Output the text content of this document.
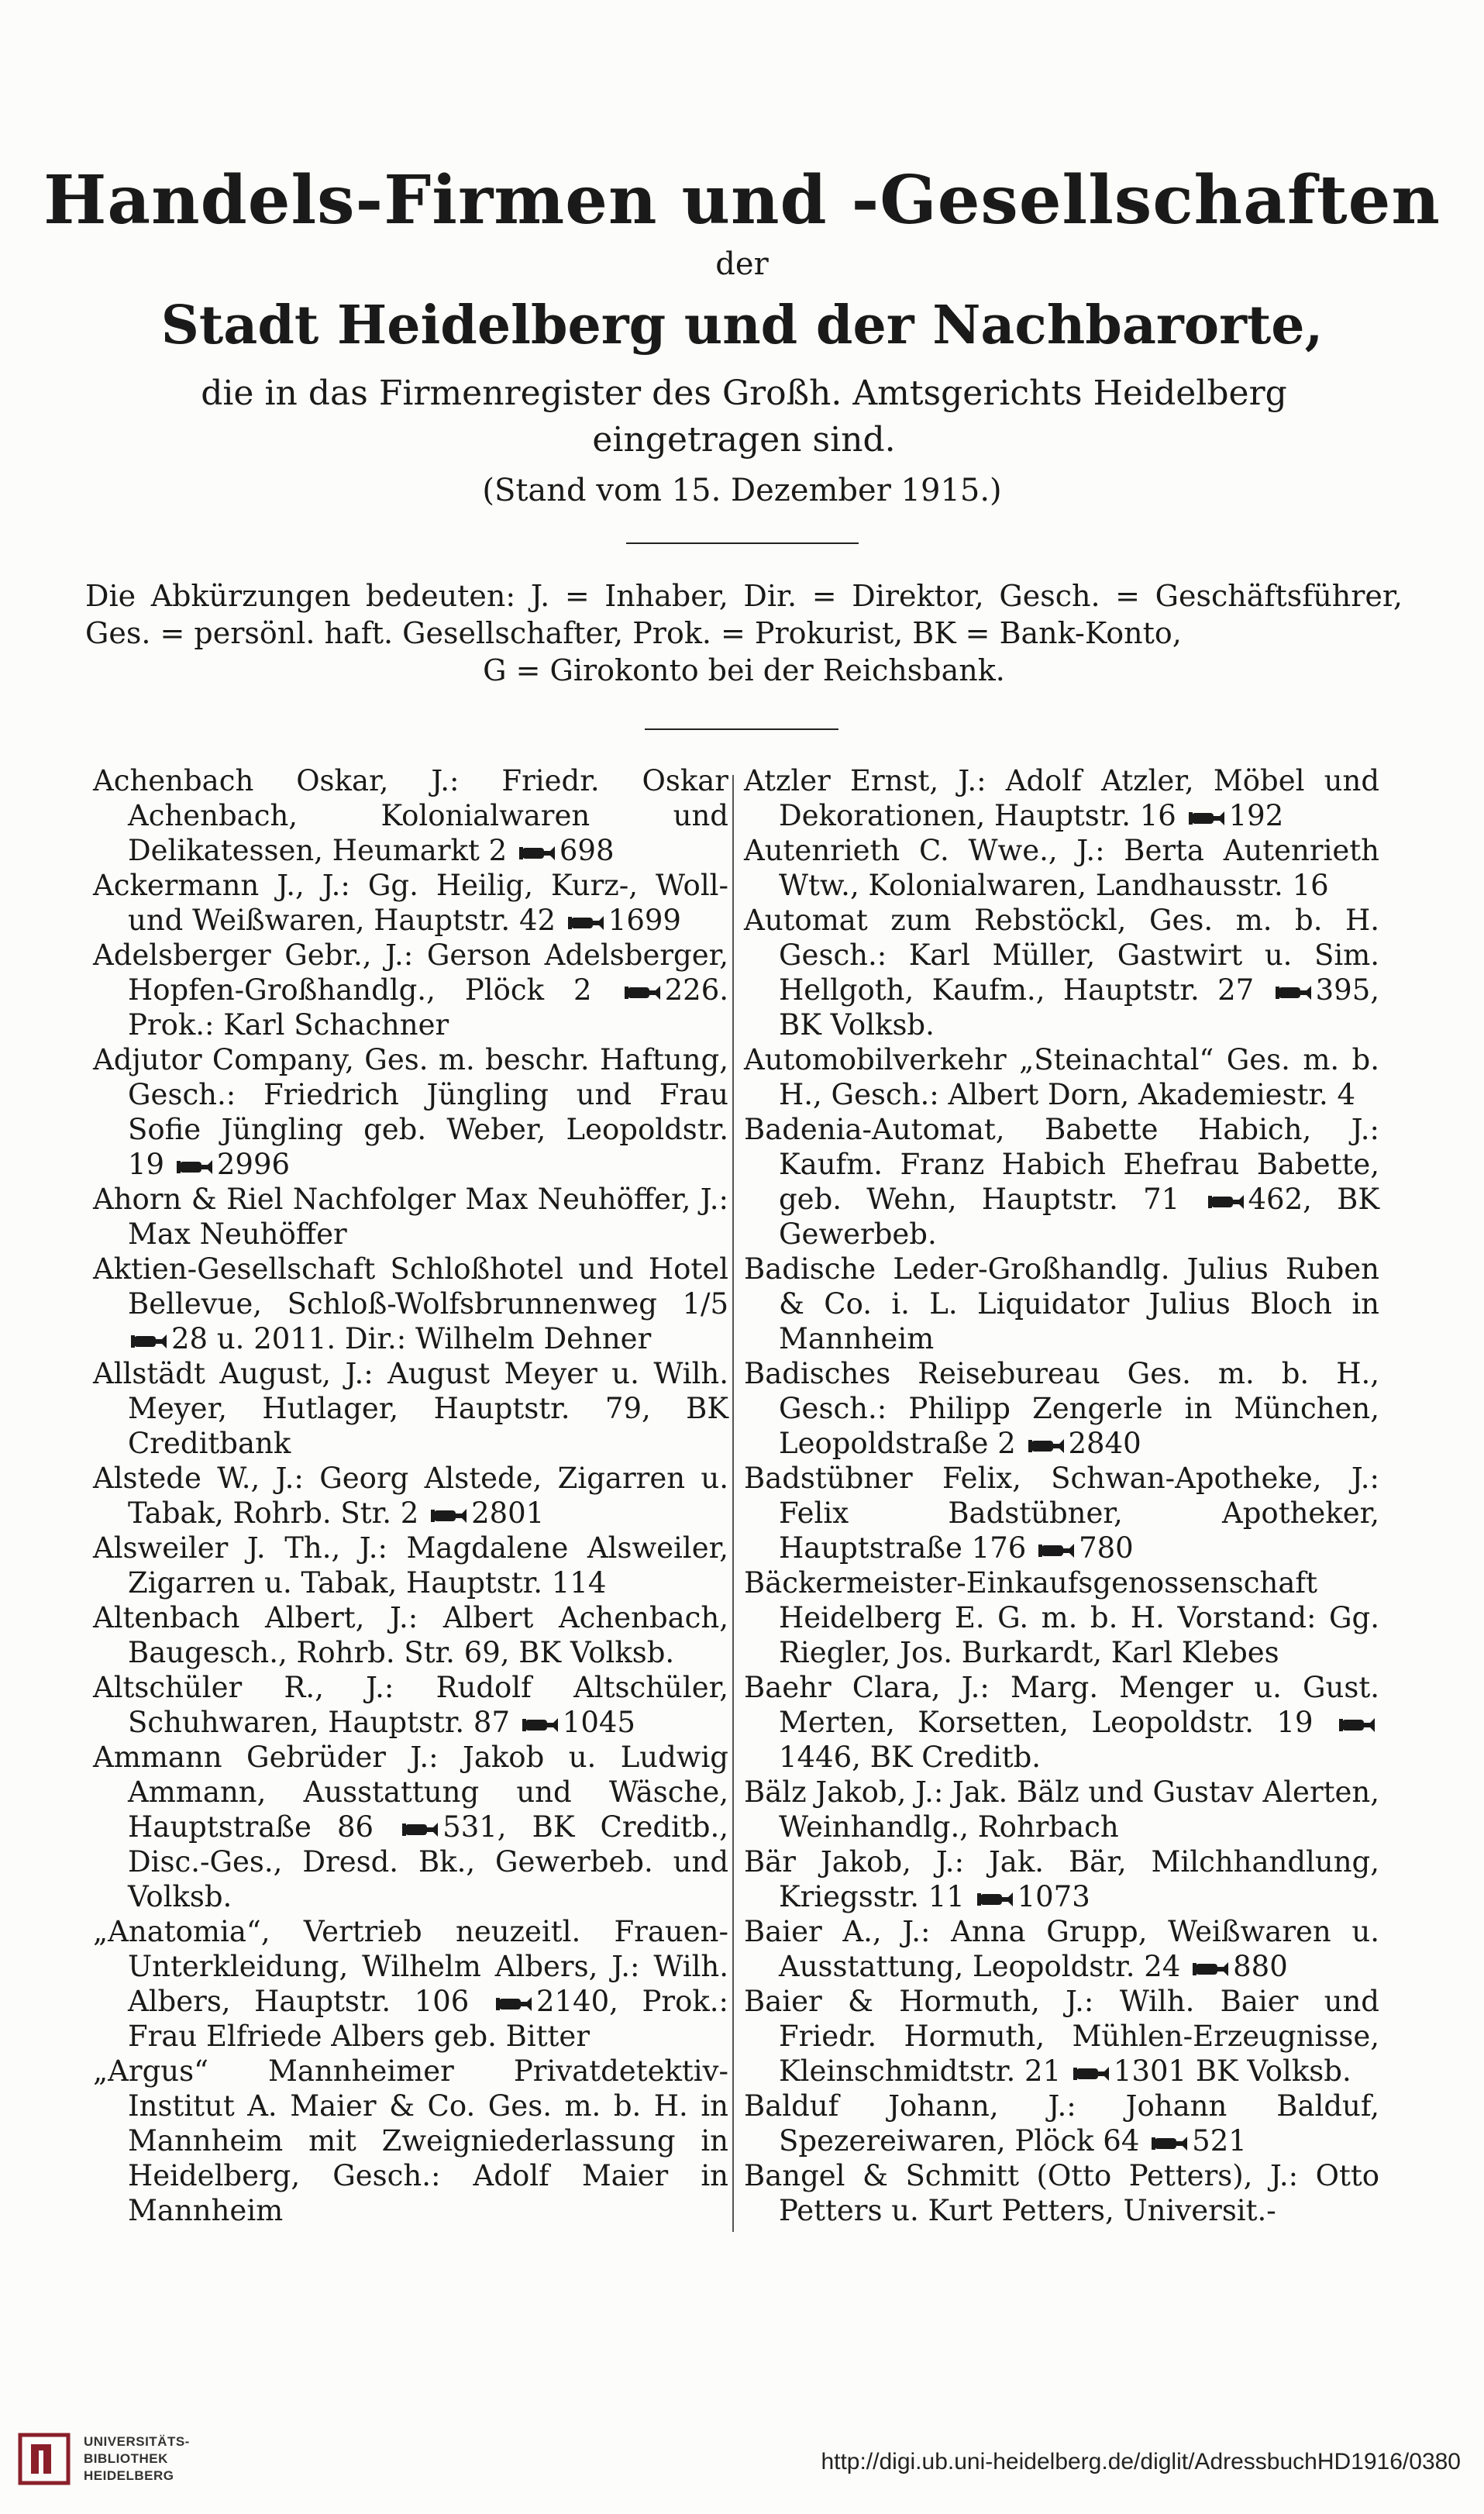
Handels-Firmen und -Gesellschaften
der
Stadt Heidelberg und der Nachbarorte,
die in das Firmenregister des Großh. Amtsgerichts Heidelberg eingetragen sind.
(Stand vom 15. Dezember 1915.)
Die Abkürzungen bedeuten: J. = Inhaber, Dir. = Direktor, Gesch. = Geschäftsführer, Ges. = persönl. haft. Gesellschafter, Prok. = Prokurist, BK = Bank-Konto,
G = Girokonto bei der Reichsbank.

Achenbach Oskar, J.: Friedr. Oskar Achenbach, Kolonialwaren und Delikatessen, Heumarkt 2 698

Ackermann J., J.: Gg. Heilig, Kurz-, Woll- und Weißwaren, Hauptstr. 42 1699

Adelsberger Gebr., J.: Gerson Adelsberger, Hopfen-Großhandlg., Plöck 2	226. Prok.: Karl Schachner

Adjutor Company, Ges. m. beschr. Haftung, Gesch.: Friedrich Jüngling und Frau Sofie Jüngling geb. Weber, Leopoldstr. 19 2996

Ahorn & Riel Nachfolger Max Neuhöffer, J.: Max Neuhöffer

Aktien-Gesellschaft Schloßhotel und Hotel Bellevue, Schloß-Wolfsbrunnenweg 1/5 28 u. 2011. Dir.: Wilhelm Dehner

Allstädt August, J.: August Meyer u. Wilh. Meyer, Hutlager, Hauptstr. 79, BK Creditbank

Alstede W., J.: Georg Alstede, Zigarren u. Tabak, Rohrb. Str. 2 2801

Alsweiler J. Th., J.: Magdalene Alsweiler, Zigarren u. Tabak, Hauptstr. 114

Altenbach Albert, J.: Albert Achenbach, Baugesch., Rohrb. Str. 69, BK Volksb.

Altschüler R., J.: Rudolf Altschüler, Schuhwaren, Hauptstr. 87 1045

Ammann Gebrüder J.: Jakob u. Ludwig Ammann, Ausstattung und Wäsche, Hauptstraße 86 531, BK Creditb., Disc.-Ges., Dresd. Bk., Gewerbeb. und Volksb.

„Anatomia“, Vertrieb neuzeitl. Frauen-Unterkleidung, Wilhelm Albers, J.: Wilh. Albers, Hauptstr. 106 2140, Prok.: Frau Elfriede Albers geb. Bitter

„Argus“ Mannheimer Privatdetektiv-Institut A. Maier & Co. Ges. m. b. H. in Mannheim mit Zweigniederlassung in Heidelberg, Gesch.: Adolf Maier in Mannheim

Atzler Ernst, J.: Adolf Atzler, Möbel und Dekorationen, Hauptstr. 16 192

Autenrieth C. Wwe., J.: Berta Autenrieth Wtw., Kolonialwaren, Landhausstr. 16

Automat zum Rebstöckl, Ges. m. b. H. Gesch.: Karl Müller, Gastwirt u. Sim. Hellgoth, Kaufm., Hauptstr. 27 395, BK Volksb.

Automobilverkehr „Steinachtal“ Ges. m. b. H., Gesch.: Albert Dorn, Akademiestr. 4

Badenia-Automat, Babette Habich, J.: Kaufm. Franz Habich Ehefrau Babette, geb. Wehn, Hauptstr. 71 462, BK Gewerbeb.

Badische Leder-Großhandlg. Julius Ruben & Co. i. L. Liquidator Julius Bloch in Mannheim

Badisches Reisebureau Ges. m. b. H., Gesch.: Philipp Zengerle in München, Leopoldstraße 2 2840

Badstübner Felix, Schwan-Apotheke, J.: Felix Badstübner, Apotheker, Hauptstraße 176 780

Bäckermeister-Einkaufsgenossenschaft Heidelberg E. G. m. b. H. Vorstand: Gg. Riegler, Jos. Burkardt, Karl Klebes

Baehr Clara, J.: Marg. Menger u. Gust. Merten, Korsetten, Leopoldstr. 19 1446, BK Creditb.

Bälz Jakob, J.: Jak. Bälz und Gustav Alerten, Weinhandlg., Rohrbach

Bär Jakob, J.: Jak. Bär, Milchhandlung, Kriegsstr. 11 1073

Baier A., J.: Anna Grupp, Weißwaren u. Ausstattung, Leopoldstr. 24 880

Baier & Hormuth, J.: Wilh. Baier und Friedr. Hormuth, Mühlen-Erzeugnisse, Kleinschmidtstr. 21 1301 BK Volksb.

Balduf Johann, J.: Johann Balduf, Spezereiwaren, Plöck 64 521

Bangel & Schmitt (Otto Petters), J.: Otto Petters u. Kurt Petters, Universit.-

UNIVERSITÄTS-
BIBLIOTHEK
HEIDELBERG
http://digi.ub.uni-heidelberg.de/diglit/AdressbuchHD1916/0380
